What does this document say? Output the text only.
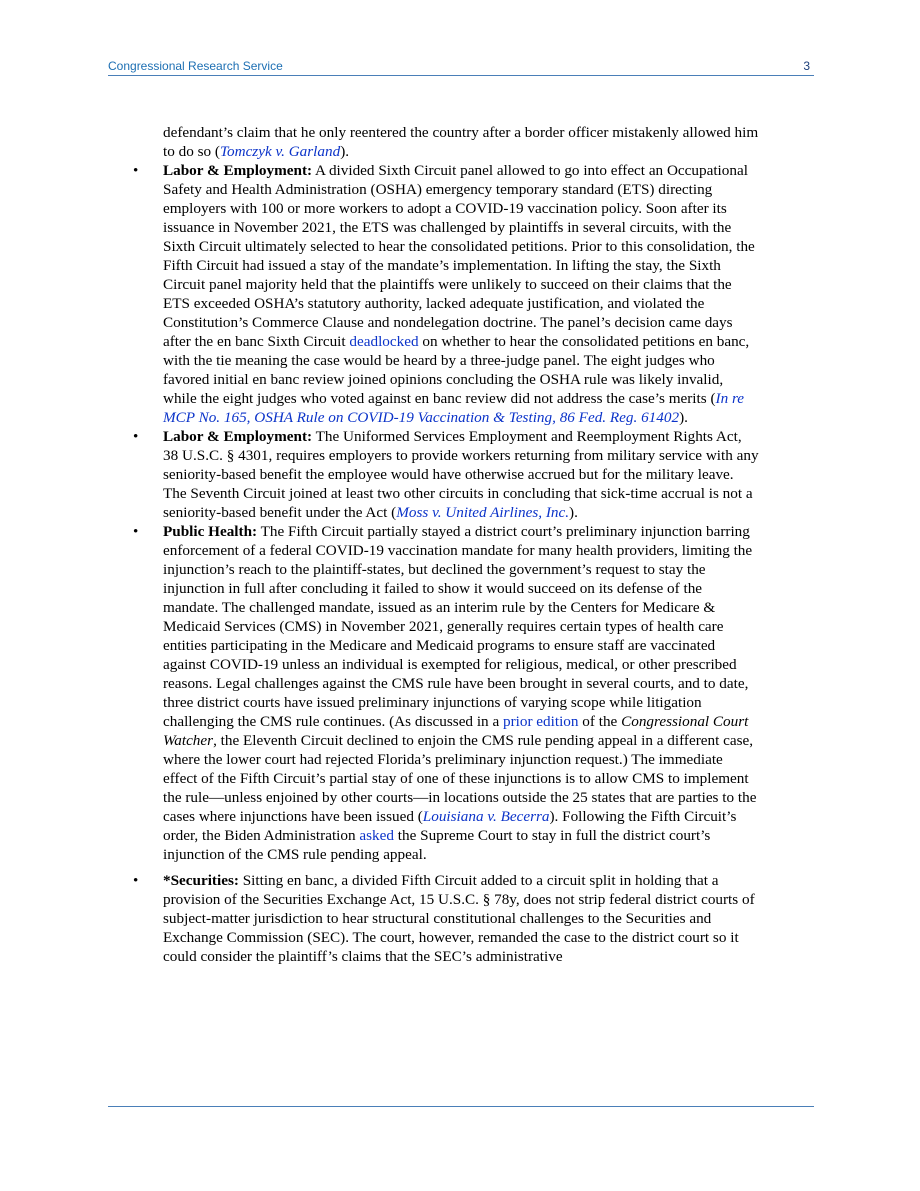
Congressional Research Service	3

defendant’s claim that he only reentered the country after a border officer mistakenly allowed him to do so (Tomczyk v. Garland).

• Labor & Employment: A divided Sixth Circuit panel allowed to go into effect an Occupational Safety and Health Administration (OSHA) emergency temporary standard (ETS) directing employers with 100 or more workers to adopt a COVID-19 vaccination policy. Soon after its issuance in November 2021, the ETS was challenged by plaintiffs in several circuits, with the Sixth Circuit ultimately selected to hear the consolidated petitions. Prior to this consolidation, the Fifth Circuit had issued a stay of the mandate’s implementation. In lifting the stay, the Sixth Circuit panel majority held that the plaintiffs were unlikely to succeed on their claims that the ETS exceeded OSHA’s statutory authority, lacked adequate justification, and violated the Constitution’s Commerce Clause and nondelegation doctrine. The panel’s decision came days after the en banc Sixth Circuit deadlocked on whether to hear the consolidated petitions en banc, with the tie meaning the case would be heard by a three-judge panel. The eight judges who favored initial en banc review joined opinions concluding the OSHA rule was likely invalid, while the eight judges who voted against en banc review did not address the case’s merits (In re MCP No. 165, OSHA Rule on COVID-19 Vaccination & Testing, 86 Fed. Reg. 61402).
• Labor & Employment: The Uniformed Services Employment and Reemployment Rights Act, 38 U.S.C. § 4301, requires employers to provide workers returning from military service with any seniority-based benefit the employee would have otherwise accrued but for the military leave. The Seventh Circuit joined at least two other circuits in concluding that sick-time accrual is not a seniority-based benefit under the Act (Moss v. United Airlines, Inc.).
• Public Health: The Fifth Circuit partially stayed a district court’s preliminary injunction barring enforcement of a federal COVID-19 vaccination mandate for many health providers, limiting the injunction’s reach to the plaintiff-states, but declined the government’s request to stay the injunction in full after concluding it failed to show it would succeed on its defense of the mandate. The challenged mandate, issued as an interim rule by the Centers for Medicare & Medicaid Services (CMS) in November 2021, generally requires certain types of health care entities participating in the Medicare and Medicaid programs to ensure staff are vaccinated against COVID-19 unless an individual is exempted for religious, medical, or other prescribed reasons. Legal challenges against the CMS rule have been brought in several courts, and to date, three district courts have issued preliminary injunctions of varying scope while litigation challenging the CMS rule continues. (As discussed in a prior edition of the Congressional Court Watcher, the Eleventh Circuit declined to enjoin the CMS rule pending appeal in a different case, where the lower court had rejected Florida’s preliminary injunction request.) The immediate effect of the Fifth Circuit’s partial stay of one of these injunctions is to allow CMS to implement the rule—unless enjoined by other courts—in locations outside the 25 states that are parties to the cases where injunctions have been issued (Louisiana v. Becerra). Following the Fifth Circuit’s order, the Biden Administration asked the Supreme Court to stay in full the district court’s injunction of the CMS rule pending appeal.
• *Securities: Sitting en banc, a divided Fifth Circuit added to a circuit split in holding that a provision of the Securities Exchange Act, 15 U.S.C. § 78y, does not strip federal district courts of subject-matter jurisdiction to hear structural constitutional challenges to the Securities and Exchange Commission (SEC). The court, however, remanded the case to the district court so it could consider the plaintiff’s claims that the SEC’s administrative
